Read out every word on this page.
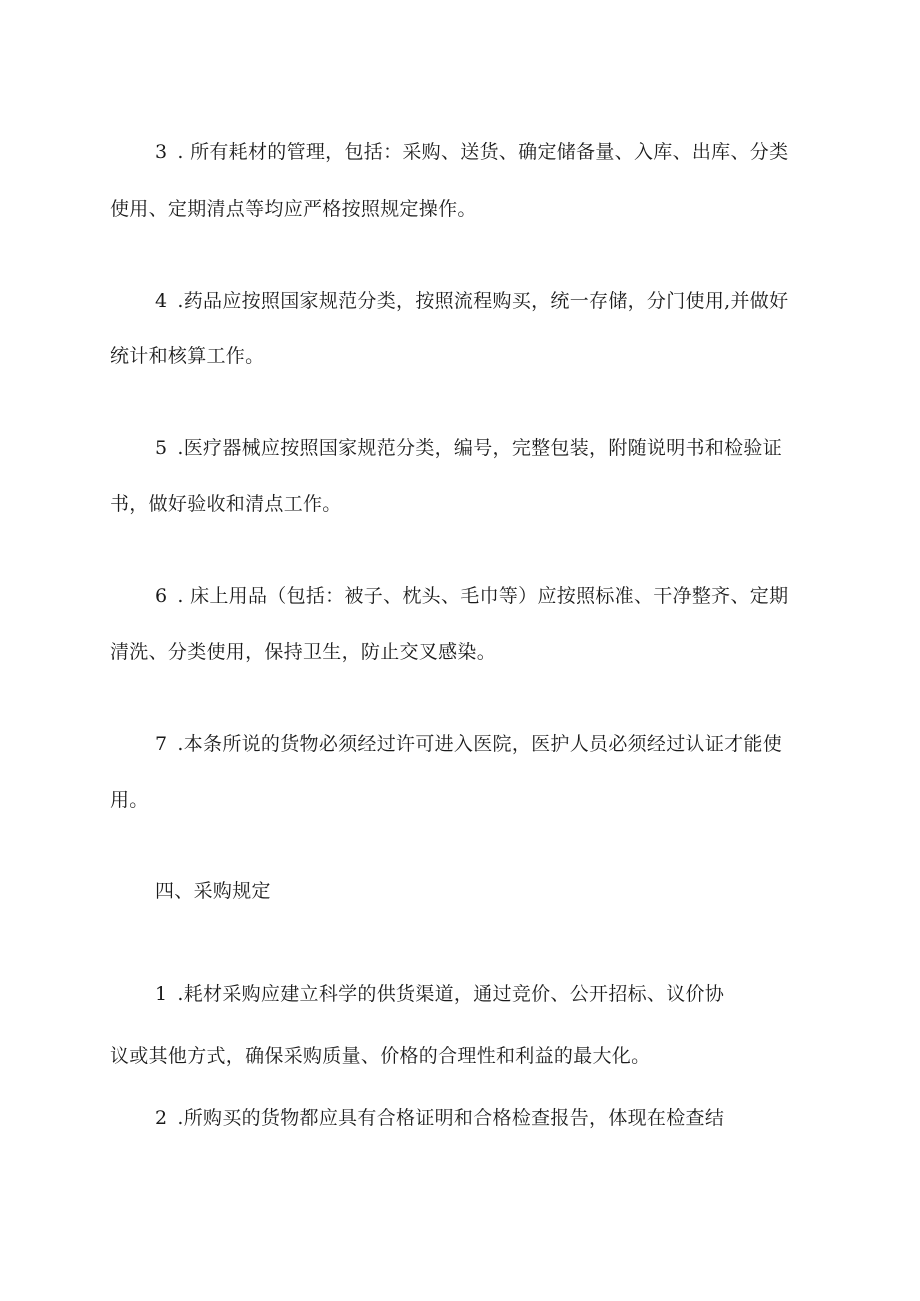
3 . 所有耗材的管理，包括：采购、送货、确定储备量、入库、出库、分类
使用、定期清点等均应严格按照规定操作。
4 .药品应按照国家规范分类，按照流程购买，统一存储，分门使用,并做好
统计和核算工作。
5 .医疗器械应按照国家规范分类，编号，完整包装，附随说明书和检验证
书，做好验收和清点工作。
6 . 床上用品（包括：被子、枕头、毛巾等）应按照标准、干净整齐、定期
清洗、分类使用，保持卫生，防止交叉感染。
7 .本条所说的货物必须经过许可进入医院，医护人员必须经过认证才能使
用。
四、采购规定
1 .耗材采购应建立科学的供货渠道，通过竞价、公开招标、议价协
议或其他方式，确保采购质量、价格的合理性和利益的最大化。
2 .所购买的货物都应具有合格证明和合格检查报告，体现在检查结
